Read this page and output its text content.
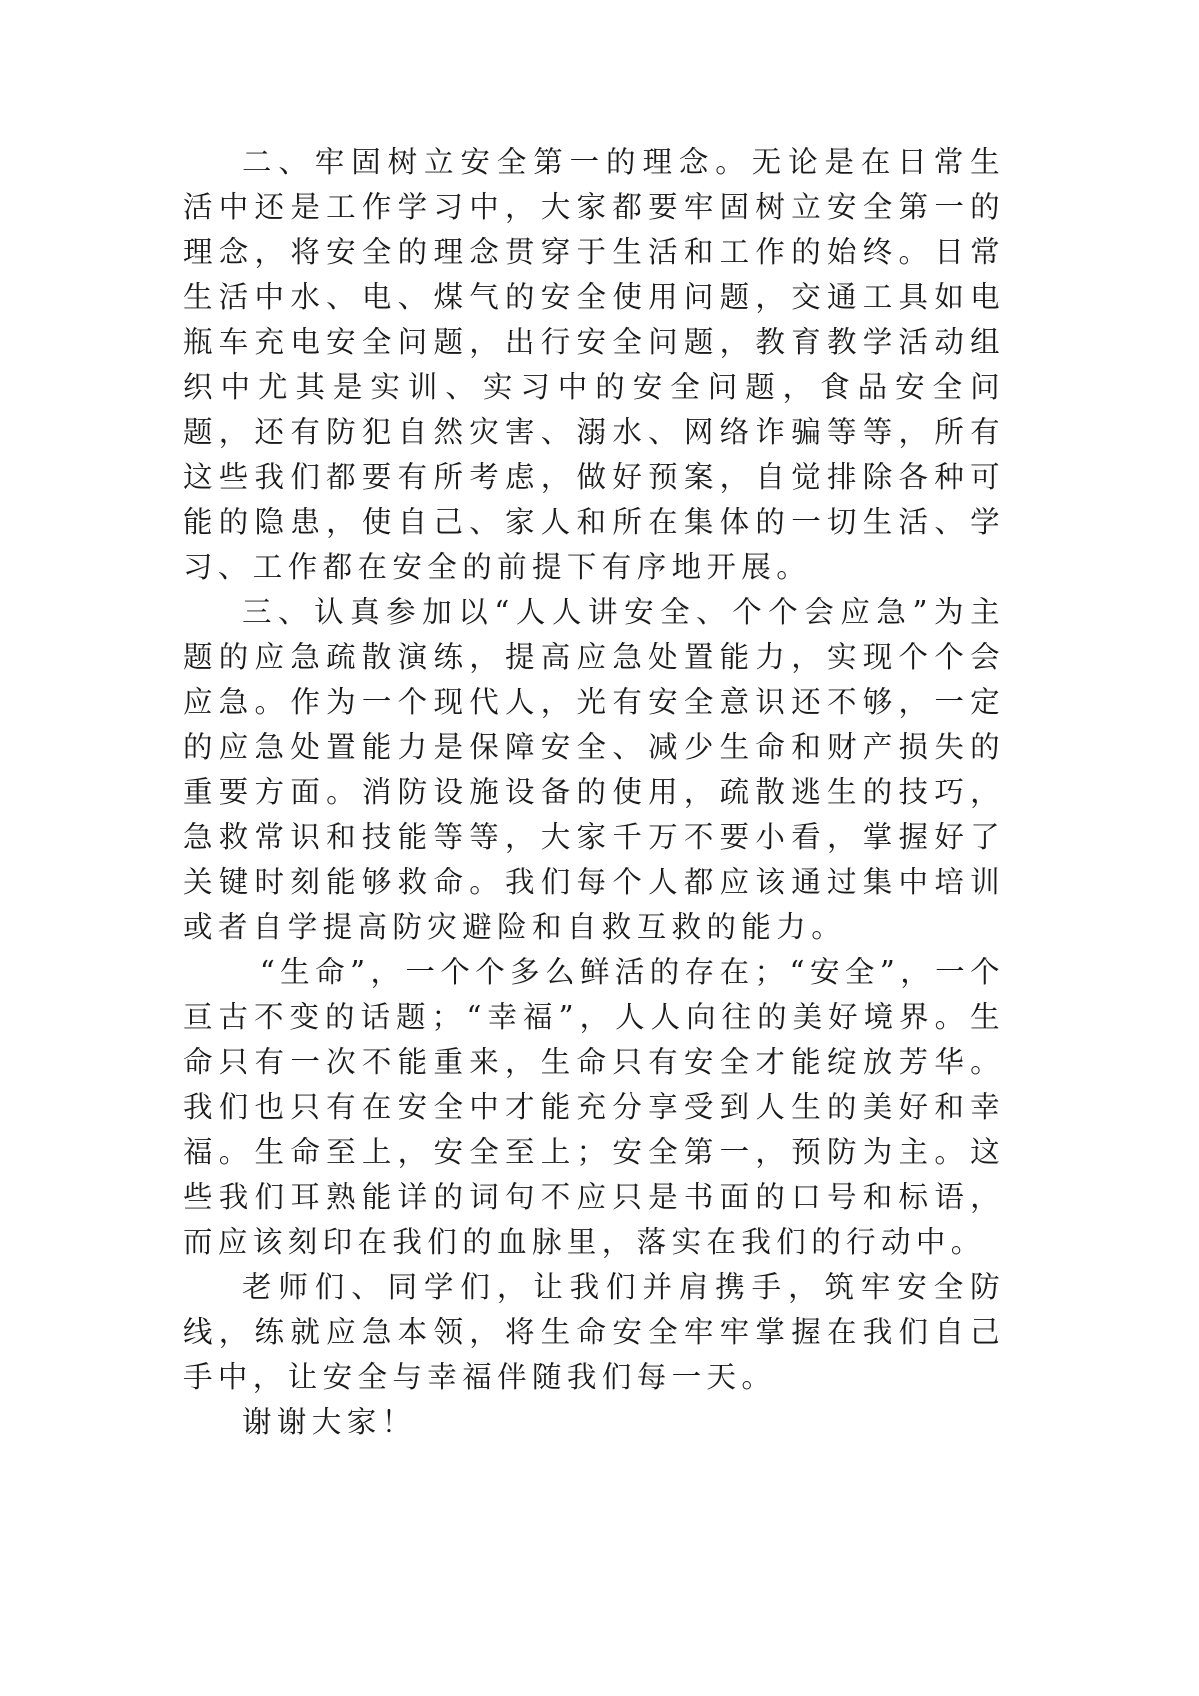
二、牢固树立安全第一的理念。无论是在日常生活中还是工作学习中，大家都要牢固树立安全第一的理念，将安全的理念贯穿于生活和工作的始终。日常生活中水、电、煤气的安全使用问题，交通工具如电瓶车充电安全问题，出行安全问题，教育教学活动组织中尤其是实训、实习中的安全问题，食品安全问题，还有防犯自然灾害、溺水、网络诈骗等等，所有这些我们都要有所考虑，做好预案，自觉排除各种可能的隐患，使自己、家人和所在集体的一切生活、学习、工作都在安全的前提下有序地开展。

三、认真参加以“人人讲安全、个个会应急”为主题的应急疏散演练，提高应急处置能力，实现个个会应急。作为一个现代人，光有安全意识还不够，一定的应急处置能力是保障安全、减少生命和财产损失的重要方面。消防设施设备的使用，疏散逃生的技巧，急救常识和技能等等，大家千万不要小看，掌握好了关键时刻能够救命。我们每个人都应该通过集中培训或者自学提高防灾避险和自救互救的能力。

“生命”，一个个多么鲜活的存在；“安全”，一个亘古不变的话题；“幸福”，人人向往的美好境界。生命只有一次不能重来，生命只有安全才能绽放芳华。我们也只有在安全中才能充分享受到人生的美好和幸福。生命至上，安全至上；安全第一，预防为主。这些我们耳熟能详的词句不应只是书面的口号和标语，而应该刻印在我们的血脉里，落实在我们的行动中。

老师们、同学们，让我们并肩携手，筑牢安全防线，练就应急本领，将生命安全牢牢掌握在我们自己手中，让安全与幸福伴随我们每一天。

谢谢大家！
